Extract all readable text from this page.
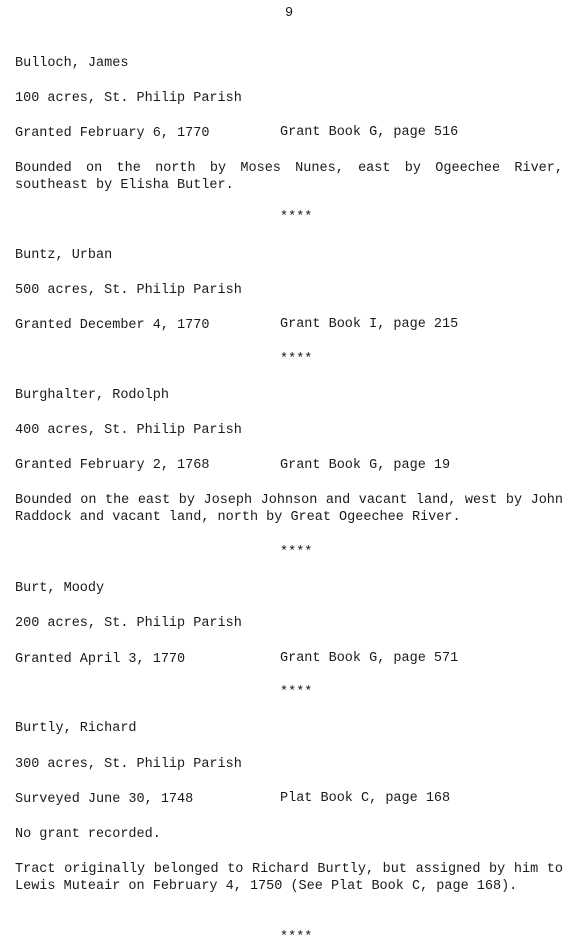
9
Bulloch, James
100 acres, St. Philip Parish
Granted February 6, 1770	Grant Book G, page 516
Bounded on the north by Moses Nunes, east by Ogeechee River, southeast by Elisha Butler.
****
Buntz, Urban
500 acres, St. Philip Parish
Granted December 4, 1770	Grant Book I, page 215
****
Burghalter, Rodolph
400 acres, St. Philip Parish
Granted February 2, 1768	Grant Book G, page 19
Bounded on the east by Joseph Johnson and vacant land, west by John Raddock and vacant land, north by Great Ogeechee River.
****
Burt, Moody
200 acres, St. Philip Parish
Granted April 3, 1770	Grant Book G, page 571
****
Burtly, Richard
300 acres, St. Philip Parish
Surveyed June 30, 1748	Plat Book C, page 168
No grant recorded.
Tract originally belonged to Richard Burtly, but assigned by him to Lewis Muteair on February 4, 1750 (See Plat Book C, page 168).
****
